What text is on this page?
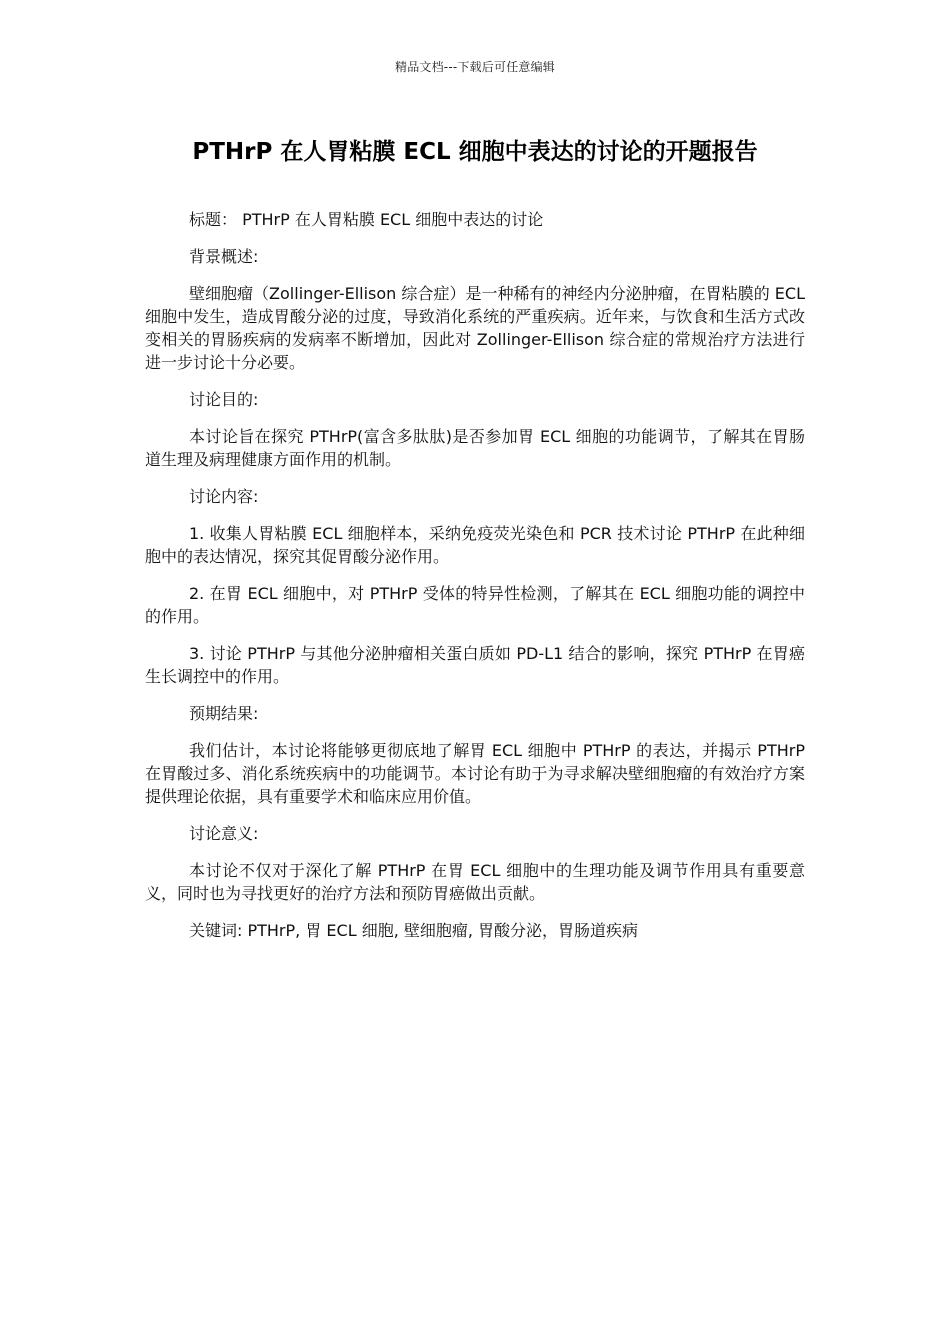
精品文档---下载后可任意编辑
PTHrP 在人胃粘膜 ECL 细胞中表达的讨论的开题报告

标题： PTHrP 在人胃粘膜 ECL 细胞中表达的讨论

背景概述:

壁细胞瘤（Zollinger-Ellison 综合症）是一种稀有的神经内分泌肿瘤，在胃粘膜的 ECL 细胞中发生，造成胃酸分泌的过度，导致消化系统的严重疾病。近年来，与饮食和生活方式改变相关的胃肠疾病的发病率不断增加，因此对 Zollinger-Ellison 综合症的常规治疗方法进行进一步讨论十分必要。

讨论目的:

本讨论旨在探究 PTHrP(富含多肽肽)是否参加胃 ECL 细胞的功能调节，了解其在胃肠道生理及病理健康方面作用的机制。

讨论内容:

1. 收集人胃粘膜 ECL 细胞样本，采纳免疫荧光染色和 PCR 技术讨论 PTHrP 在此种细胞中的表达情况，探究其促胃酸分泌作用。

2. 在胃 ECL 细胞中，对 PTHrP 受体的特异性检测，了解其在 ECL 细胞功能的调控中的作用。

3. 讨论 PTHrP 与其他分泌肿瘤相关蛋白质如 PD-L1 结合的影响，探究 PTHrP 在胃癌生长调控中的作用。

预期结果:

我们估计，本讨论将能够更彻底地了解胃 ECL 细胞中 PTHrP 的表达，并揭示 PTHrP 在胃酸过多、消化系统疾病中的功能调节。本讨论有助于为寻求解决壁细胞瘤的有效治疗方案提供理论依据，具有重要学术和临床应用价值。

讨论意义:

本讨论不仅对于深化了解 PTHrP 在胃 ECL 细胞中的生理功能及调节作用具有重要意义，同时也为寻找更好的治疗方法和预防胃癌做出贡献。

关键词: PTHrP, 胃 ECL 细胞, 壁细胞瘤, 胃酸分泌，胃肠道疾病
